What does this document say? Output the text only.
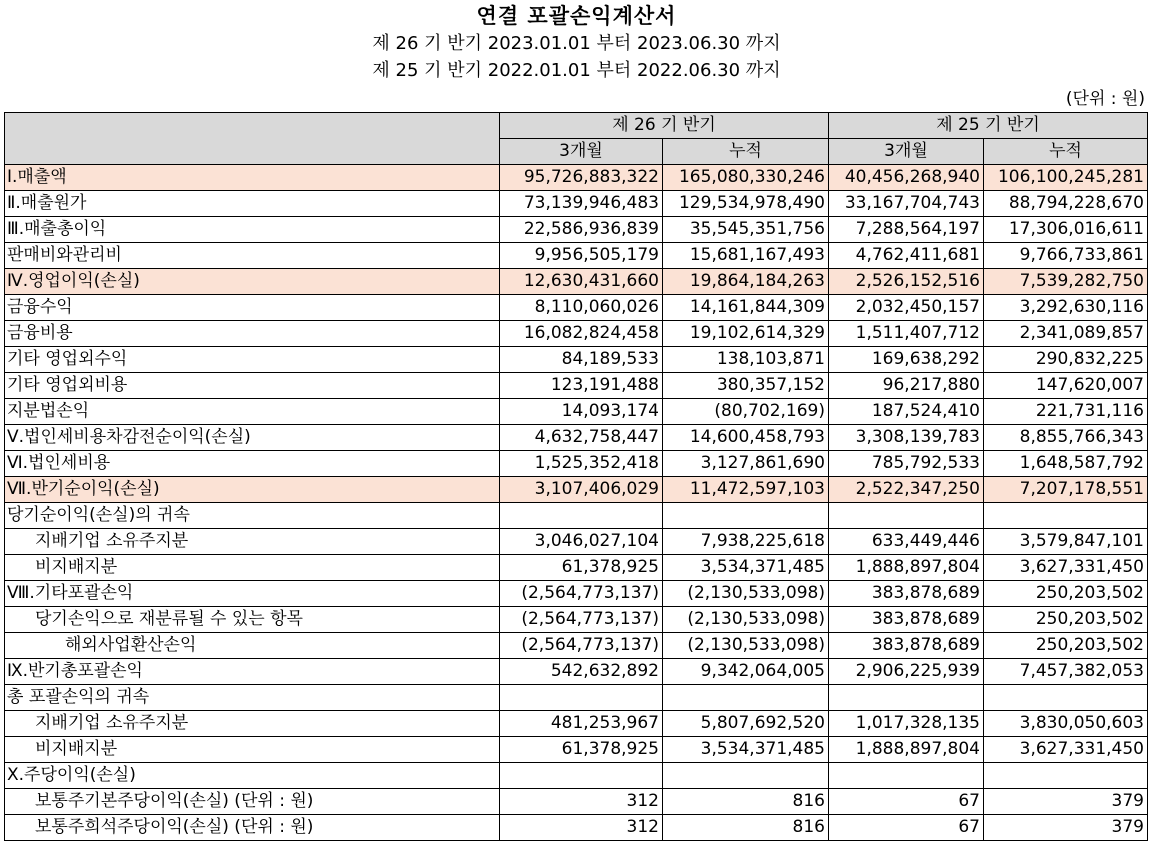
연결 포괄손익계산서
제 26 기 반기 2023.01.01 부터 2023.06.30 까지
제 25 기 반기 2022.01.01 부터 2022.06.30 까지
(단위 : 원)
	제 26 기 반기		제 25 기 반기	
	3개월	누적	3개월	누적
Ⅰ.매출액	95,726,883,322	165,080,330,246	40,456,268,940	106,100,245,281
Ⅱ.매출원가	73,139,946,483	129,534,978,490	33,167,704,743	88,794,228,670
Ⅲ.매출총이익	22,586,936,839	35,545,351,756	7,288,564,197	17,306,016,611
판매비와관리비	9,956,505,179	15,681,167,493	4,762,411,681	9,766,733,861
Ⅳ.영업이익(손실)	12,630,431,660	19,864,184,263	2,526,152,516	7,539,282,750
금융수익	8,110,060,026	14,161,844,309	2,032,450,157	3,292,630,116
금융비용	16,082,824,458	19,102,614,329	1,511,407,712	2,341,089,857
기타 영업외수익	84,189,533	138,103,871	169,638,292	290,832,225
기타 영업외비용	123,191,488	380,357,152	96,217,880	147,620,007
지분법손익	14,093,174	(80,702,169)	187,524,410	221,731,116
Ⅴ.법인세비용차감전순이익(손실)	4,632,758,447	14,600,458,793	3,308,139,783	8,855,766,343
Ⅵ.법인세비용	1,525,352,418	3,127,861,690	785,792,533	1,648,587,792
Ⅶ.반기순이익(손실)	3,107,406,029	11,472,597,103	2,522,347,250	7,207,178,551
당기순이익(손실)의 귀속				
지배기업 소유주지분	3,046,027,104	7,938,225,618	633,449,446	3,579,847,101
비지배지분	61,378,925	3,534,371,485	1,888,897,804	3,627,331,450
Ⅷ.기타포괄손익	(2,564,773,137)	(2,130,533,098)	383,878,689	250,203,502
당기손익으로 재분류될 수 있는 항목	(2,564,773,137)	(2,130,533,098)	383,878,689	250,203,502
해외사업환산손익	(2,564,773,137)	(2,130,533,098)	383,878,689	250,203,502
Ⅸ.반기총포괄손익	542,632,892	9,342,064,005	2,906,225,939	7,457,382,053
총 포괄손익의 귀속				
지배기업 소유주지분	481,253,967	5,807,692,520	1,017,328,135	3,830,050,603
비지배지분	61,378,925	3,534,371,485	1,888,897,804	3,627,331,450
Ⅹ.주당이익(손실)				
보통주기본주당이익(손실) (단위 : 원)	312	816	67	379
보통주희석주당이익(손실) (단위 : 원)	312	816	67	379
